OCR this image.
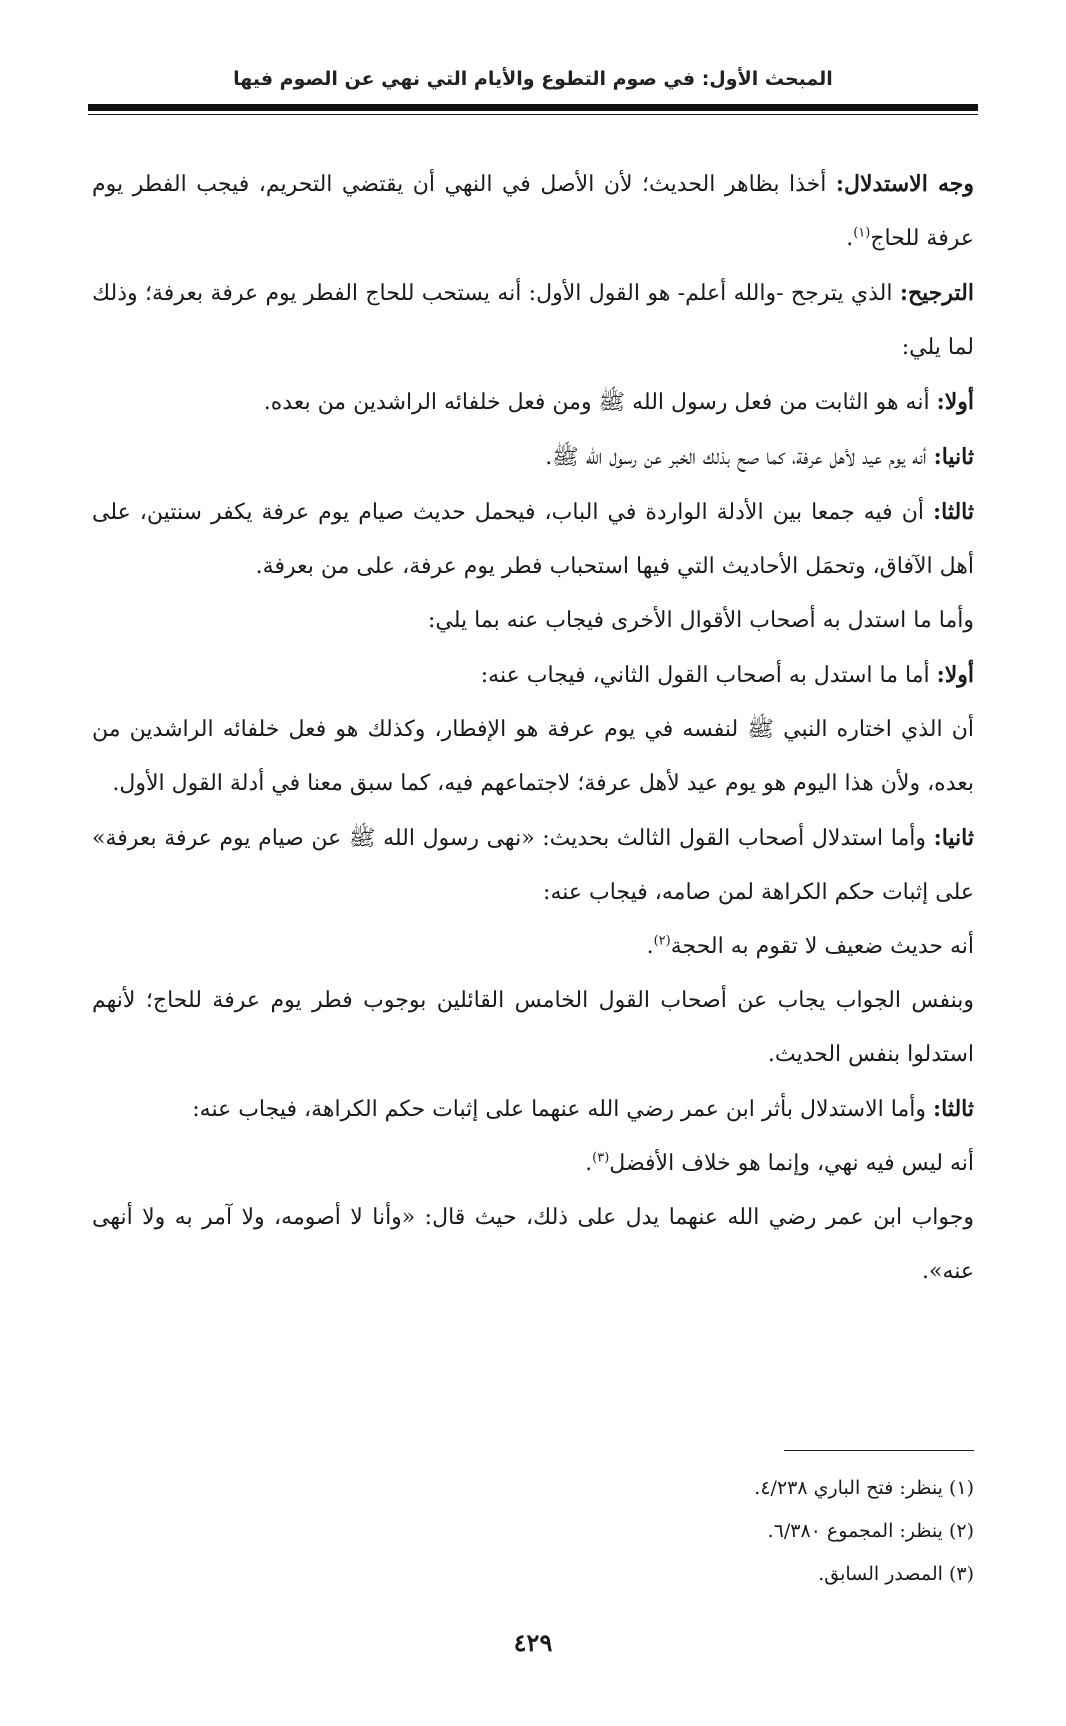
المبحث الأول: في صوم التطوع والأيام التي نهي عن الصوم فيها

وجه الاستدلال: أخذا بظاهر الحديث؛ لأن الأصل في النهي أن يقتضي التحريم، فيجب الفطر يوم عرفة للحاج$^{(١)}$.

الترجيح: الذي يترجح -والله أعلم- هو القول الأول: أنه يستحب للحاج الفطر يوم عرفة بعرفة؛ وذلك لما يلي:

أولا: أنه هو الثابت من فعل رسول الله ﷺ ومن فعل خلفائه الراشدين من بعده.

ثانيا: أنه يوم عيد لأهل عرفة، كما صح بذلك الخبر عن رسول الله ﷺ.

ثالثا: أن فيه جمعا بين الأدلة الواردة في الباب، فيحمل حديث صيام يوم عرفة يكفر سنتين، على أهل الآفاق، وتحمَل الأحاديث التي فيها استحباب فطر يوم عرفة، على من بعرفة.

وأما ما استدل به أصحاب الأقوال الأخرى فيجاب عنه بما يلي:

أولا: أما ما استدل به أصحاب القول الثاني، فيجاب عنه:

أن الذي اختاره النبي ﷺ لنفسه في يوم عرفة هو الإفطار، وكذلك هو فعل خلفائه الراشدين من بعده، ولأن هذا اليوم هو يوم عيد لأهل عرفة؛ لاجتماعهم فيه، كما سبق معنا في أدلة القول الأول.

ثانيا: وأما استدلال أصحاب القول الثالث بحديث: «نهى رسول الله ﷺ عن صيام يوم عرفة بعرفة» على إثبات حكم الكراهة لمن صامه، فيجاب عنه:

أنه حديث ضعيف لا تقوم به الحجة$^{(٢)}$.

وبنفس الجواب يجاب عن أصحاب القول الخامس القائلين بوجوب فطر يوم عرفة للحاج؛ لأنهم استدلوا بنفس الحديث.

ثالثا: وأما الاستدلال بأثر ابن عمر رضي الله عنهما على إثبات حكم الكراهة، فيجاب عنه:

أنه ليس فيه نهي، وإنما هو خلاف الأفضل$^{(٣)}$.

وجواب ابن عمر رضي الله عنهما يدل على ذلك، حيث قال: «وأنا لا أصومه، ولا آمر به ولا أنهى عنه».

(١) ينظر: فتح الباري ٤/٢٣٨.

(٢) ينظر: المجموع ٦/٣٨٠.

(٣) المصدر السابق.

٤٢٩
